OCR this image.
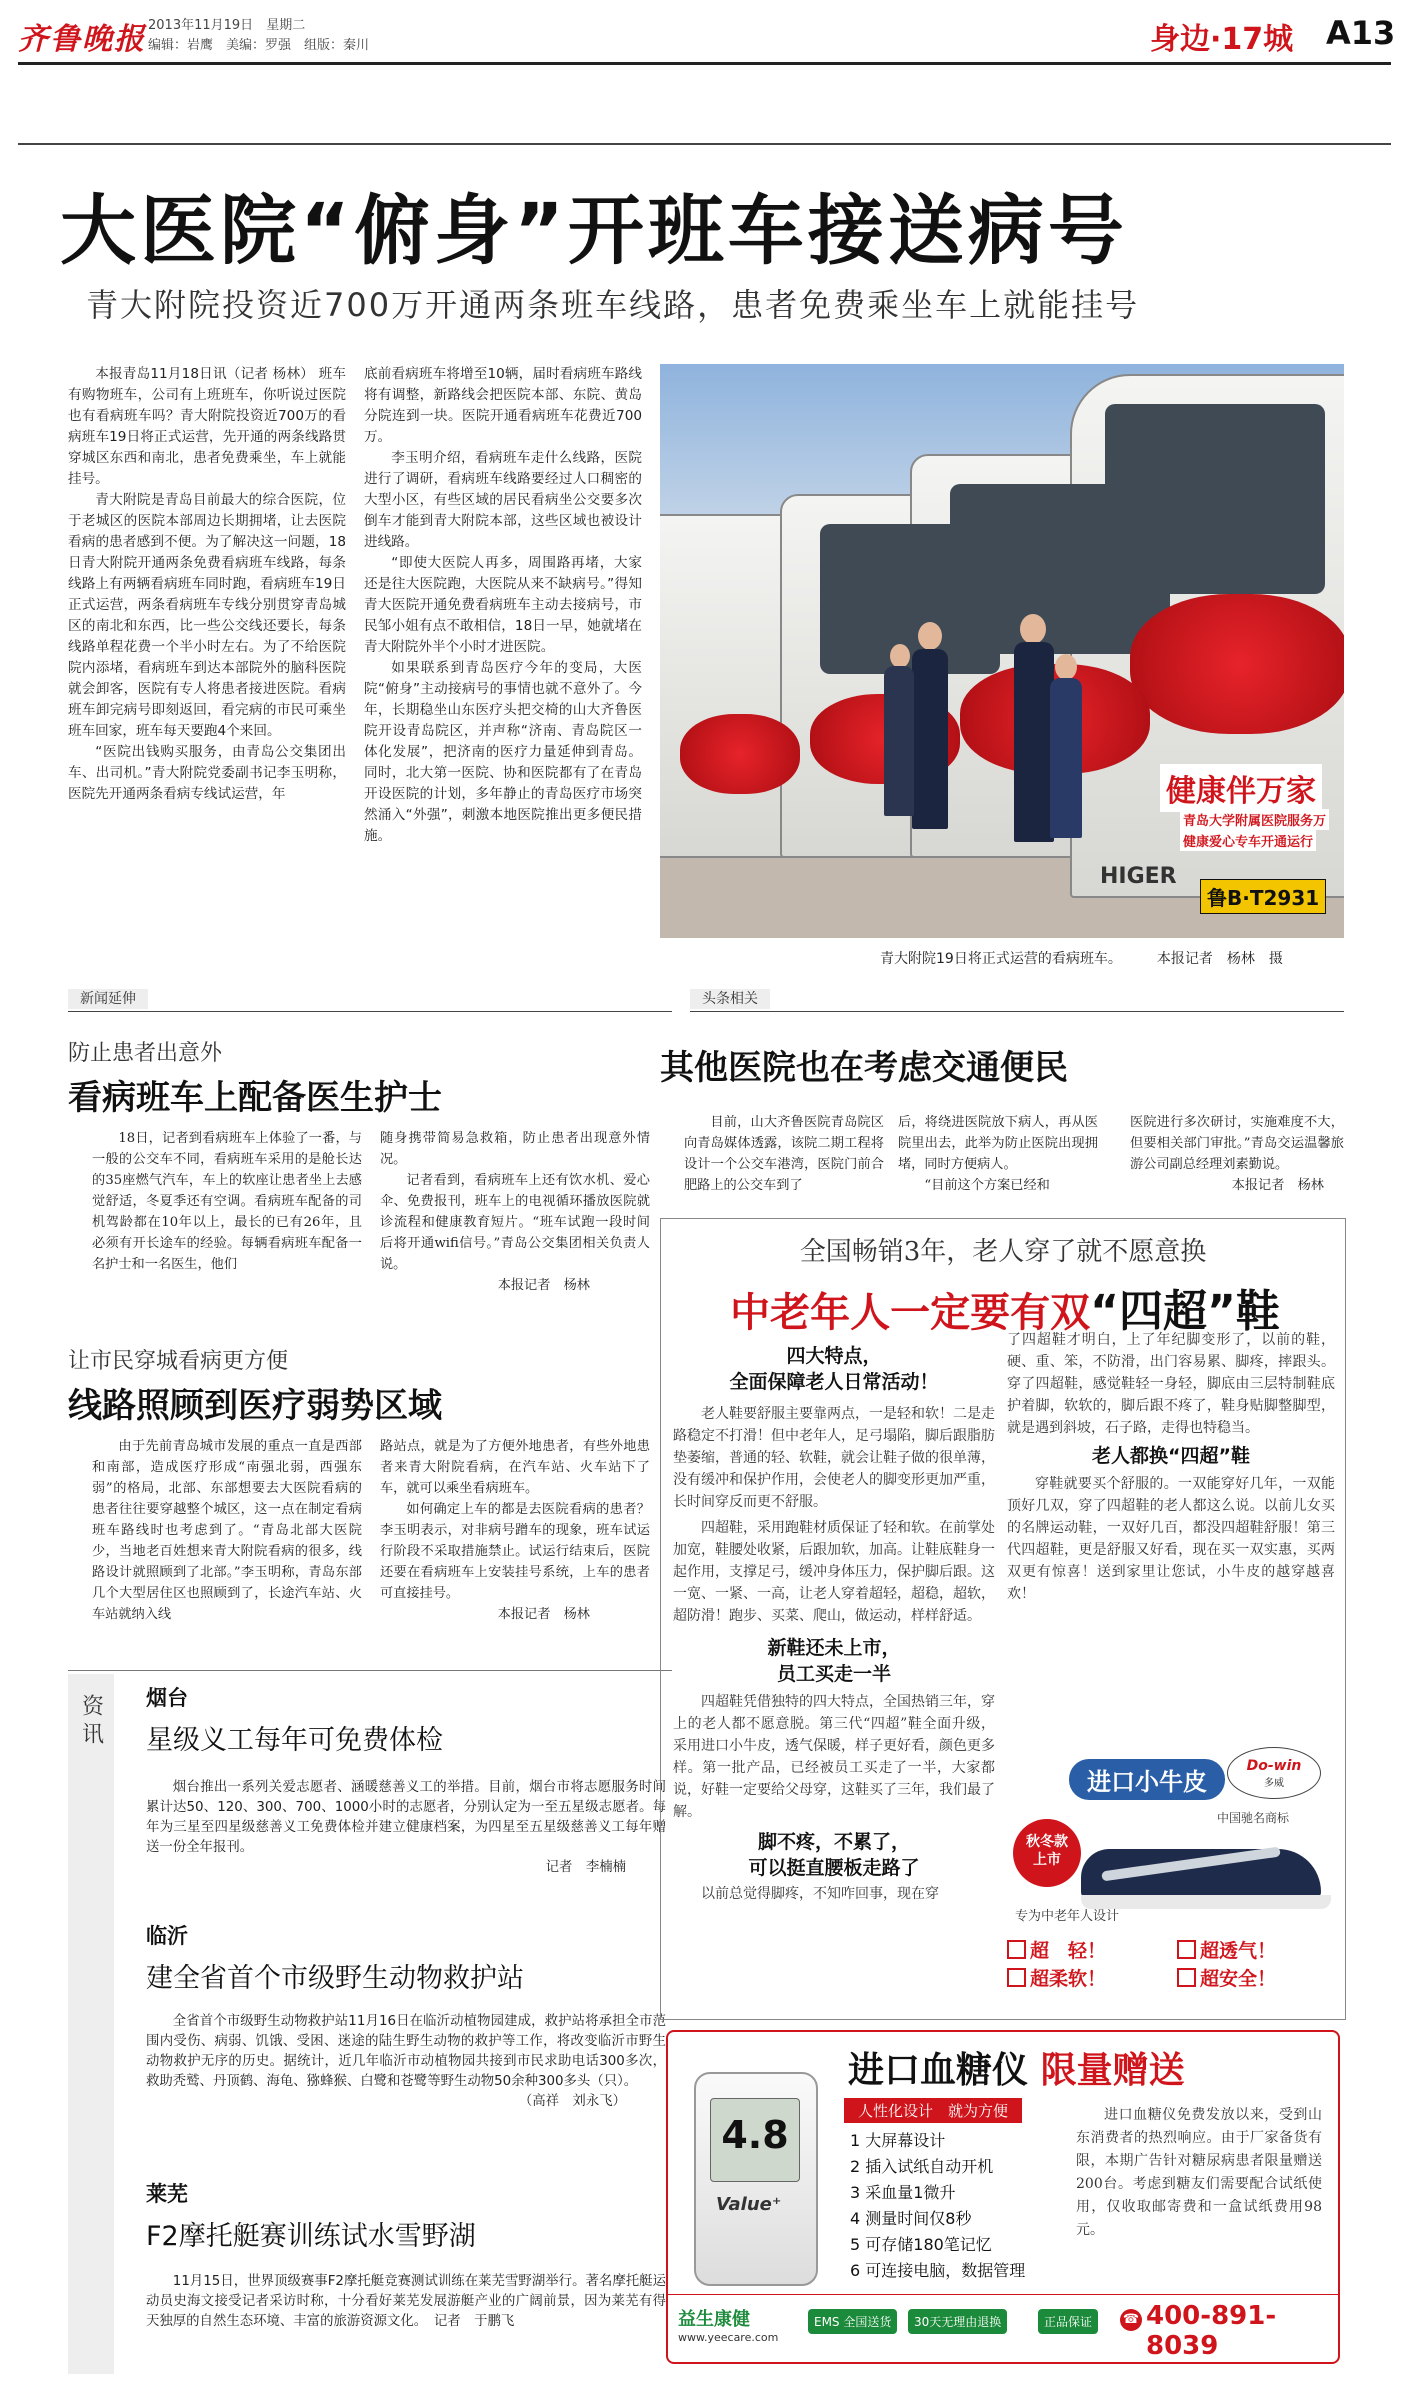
齐鲁晚报 2013年11月19日　 星期二
编辑：岩鹰　美编：罗强　组版：秦川	身边·17城 A13
大医院“俯身”开班车接送病号
青大附院投资近700万开通两条班车线路，患者免费乘坐车上就能挂号

本报青岛11月18日讯（记者 杨林） 班车有购物班车，公司有上班班车，你听说过医院也有看病班车吗？青大附院投资近700万的看病班车19日将正式运营，先开通的两条线路贯穿城区东西和南北，患者免费乘坐，车上就能挂号。

青大附院是青岛目前最大的综合医院，位于老城区的医院本部周边长期拥堵，让去医院看病的患者感到不便。为了解决这一问题，18日青大附院开通两条免费看病班车线路，每条线路上有两辆看病班车同时跑，看病班车19日正式运营，两条看病班车专线分别贯穿青岛城区的南北和东西，比一些公交线还要长，每条线路单程花费一个半小时左右。为了不给医院院内添堵，看病班车到达本部院外的脑科医院就会卸客，医院有专人将患者接进医院。看病班车卸完病号即刻返回，看完病的市民可乘坐班车回家，班车每天要跑4个来回。

“医院出钱购买服务，由青岛公交集团出车、出司机。”青大附院党委副书记李玉明称，医院先开通两条看病专线试运营，年

底前看病班车将增至10辆，届时看病班车路线将有调整，新路线会把医院本部、东院、黄岛分院连到一块。医院开通看病班车花费近700万。

李玉明介绍，看病班车走什么线路，医院进行了调研，看病班车线路要经过人口稠密的大型小区，有些区域的居民看病坐公交要多次倒车才能到青大附院本部，这些区域也被设计进线路。

“即使大医院人再多，周围路再堵，大家还是往大医院跑，大医院从来不缺病号。”得知青大医院开通免费看病班车主动去接病号，市民邹小姐有点不敢相信，18日一早，她就堵在青大附院外半个小时才进医院。

如果联系到青岛医疗今年的变局，大医院“俯身”主动接病号的事情也就不意外了。今年，长期稳坐山东医疗头把交椅的山大齐鲁医院开设青岛院区，并声称“济南、青岛院区一体化发展”，把济南的医疗力量延伸到青岛。同时，北大第一医院、协和医院都有了在青岛开设医院的计划，多年静止的青岛医疗市场突然涌入“外强”，刺激本地医院推出更多便民措施。

健康伴万家
青岛大学附属医院服务万
健康爱心专车开通运行
鲁B·T2931
HIGER
青大附院19日将正式运营的看病班车。　　　	本报记者　杨林　摄
新闻延伸
防止患者出意外
看病班车上配备医生护士

18日，记者到看病班车上体验了一番，与一般的公交车不同，看病班车采用的是舱长达的35座燃气汽车，车上的软座让患者坐上去感觉舒适，冬夏季还有空调。看病班车配备的司机驾龄都在10年以上，最长的已有26年，且必须有开长途车的经验。每辆看病班车配备一名护士和一名医生，他们

随身携带简易急救箱，防止患者出现意外情况。

记者看到，看病班车上还有饮水机、爱心伞、免费报刊，班车上的电视循环播放医院就诊流程和健康教育短片。“班车试跑一段时间后将开通wifi信号。”青岛公交集团相关负责人说。

本报记者　杨林
让市民穿城看病更方便
线路照顾到医疗弱势区域

由于先前青岛城市发展的重点一直是西部和南部，造成医疗形成“南强北弱，西强东弱”的格局，北部、东部想要去大医院看病的患者往往要穿越整个城区，这一点在制定看病班车路线时也考虑到了。“青岛北部大医院少，当地老百姓想来青大附院看病的很多，线路设计就照顾到了北部。”李玉明称，青岛东部几个大型居住区也照顾到了，长途汽车站、火车站就纳入线

路站点，就是为了方便外地患者，有些外地患者来青大附院看病，在汽车站、火车站下了车，就可以乘坐看病班车。

如何确定上车的都是去医院看病的患者？李玉明表示，对非病号蹭车的现象，班车试运行阶段不采取措施禁止。试运行结束后，医院还要在看病班车上安装挂号系统，上车的患者可直接挂号。

本报记者　杨林
资讯 烟台
星级义工每年可免费体检

烟台推出一系列关爱志愿者、涵暖慈善义工的举措。目前，烟台市将志愿服务时间累计达50、120、300、700、1000小时的志愿者，分别认定为一至五星级志愿者。每年为三星至四星级慈善义工免费体检并建立健康档案，为四星至五星级慈善义工每年赠送一份全年报刊。

记者　李楠楠
临沂
建全省首个市级野生动物救护站

全省首个市级野生动物救护站11月16日在临沂动植物园建成，救护站将承担全市范围内受伤、病弱、饥饿、受困、迷途的陆生野生动物的救护等工作，将改变临沂市野生动物救护无序的历史。据统计，近几年临沂市动植物园共接到市民求助电话300多次，救助秃鹫、丹顶鹤、海龟、猕蜂猴、白鹭和苍鹭等野生动物50余种300多头（只）。

（高祥　刘永飞）
莱芜
F2摩托艇赛训练试水雪野湖

11月15日，世界顶级赛事F2摩托艇竞赛测试训练在莱芜雪野湖举行。著名摩托艇运动员史海文接受记者采访时称，十分看好莱芜发展游艇产业的广阔前景，因为莱芜有得天独厚的自然生态环境、丰富的旅游资源文化。　 记者　于鹏飞

头条相关
其他医院也在考虑交通便民

目前，山大齐鲁医院青岛院区向青岛媒体透露，该院二期工程将设计一个公交车港湾，医院门前合肥路上的公交车到了

后，将绕进医院放下病人，再从医院里出去，此举为防止医院出现拥堵，同时方便病人。

“目前这个方案已经和

医院进行多次研讨，实施难度不大，但要相关部门审批。”青岛交运温馨旅游公司副总经理刘素勤说。

本报记者　杨林
全国畅销3年，老人穿了就不愿意换
中老年人一定要有双“四超”鞋
四大特点，
全面保障老人日常活动！

老人鞋要舒服主要靠两点，一是轻和软！二是走路稳定不打滑！但中老年人，足弓塌陷，脚后跟脂肪垫萎缩，普通的轻、软鞋，就会让鞋子做的很单薄，没有缓冲和保护作用，会使老人的脚变形更加严重，长时间穿反而更不舒服。

四超鞋，采用跑鞋材质保证了轻和软。在前掌处加宽，鞋腰处收紧，后跟加软，加高。让鞋底鞋身一起作用，支撑足弓，缓冲身体压力，保护脚后跟。这一宽、一紧、一高，让老人穿着超轻，超稳，超软，超防滑！跑步、买菜、爬山，做运动，样样舒适。

新鞋还未上市，
员工买走一半

四超鞋凭借独特的四大特点，全国热销三年，穿上的老人都不愿意脱。第三代“四超”鞋全面升级，采用进口小牛皮，透气保暖，样子更好看，颜色更多样。第一批产品，已经被员工买走了一半，大家都说，好鞋一定要给父母穿，这鞋买了三年，我们最了解。

脚不疼，不累了，
可以挺直腰板走路了

以前总觉得脚疼，不知咋回事，现在穿

了四超鞋才明白，上了年纪脚变形了，以前的鞋，硬、重、笨，不防滑，出门容易累、脚疼，摔跟头。穿了四超鞋，感觉鞋轻一身轻，脚底由三层特制鞋底护着脚，软软的，脚后跟不疼了，鞋身贴脚整脚型，就是遇到斜坡，石子路，走得也特稳当。

老人都换“四超”鞋

穿鞋就要买个舒服的。一双能穿好几年，一双能顶好几双，穿了四超鞋的老人都这么说。以前儿女买的名牌运动鞋，一双好几百，都没四超鞋舒服！第三代四超鞋，更是舒服又好看，现在买一双实惠，买两双更有惊喜！送到家里让您试，小牛皮的越穿越喜欢！

进口小牛皮
Do-win
多威
中国驰名商标
秋冬款
上市
专为中老年人设计
超　轻！
超柔软！
超透气！
超安全！
进口血糖仪 限量赠送
4.8
Value⁺
人性化设计　就为方便
1 大屏幕设计
2 插入试纸自动开机
3 采血量1微升
4 测量时间仅8秒
5 可存储180笔记忆
6 可连接电脑，数据管理
进口血糖仪免费发放以来，受到山东消费者的热烈响应。由于厂家备货有限，本期广告针对糖尿病患者限量赠送200台。考虑到糖友们需要配合试纸使用，仅收取邮寄费和一盒试纸费用98元。
益生康健
www.yeecare.com
EMS 全国送货	30天无理由退换	正品保证	☎ 400-891-8039
